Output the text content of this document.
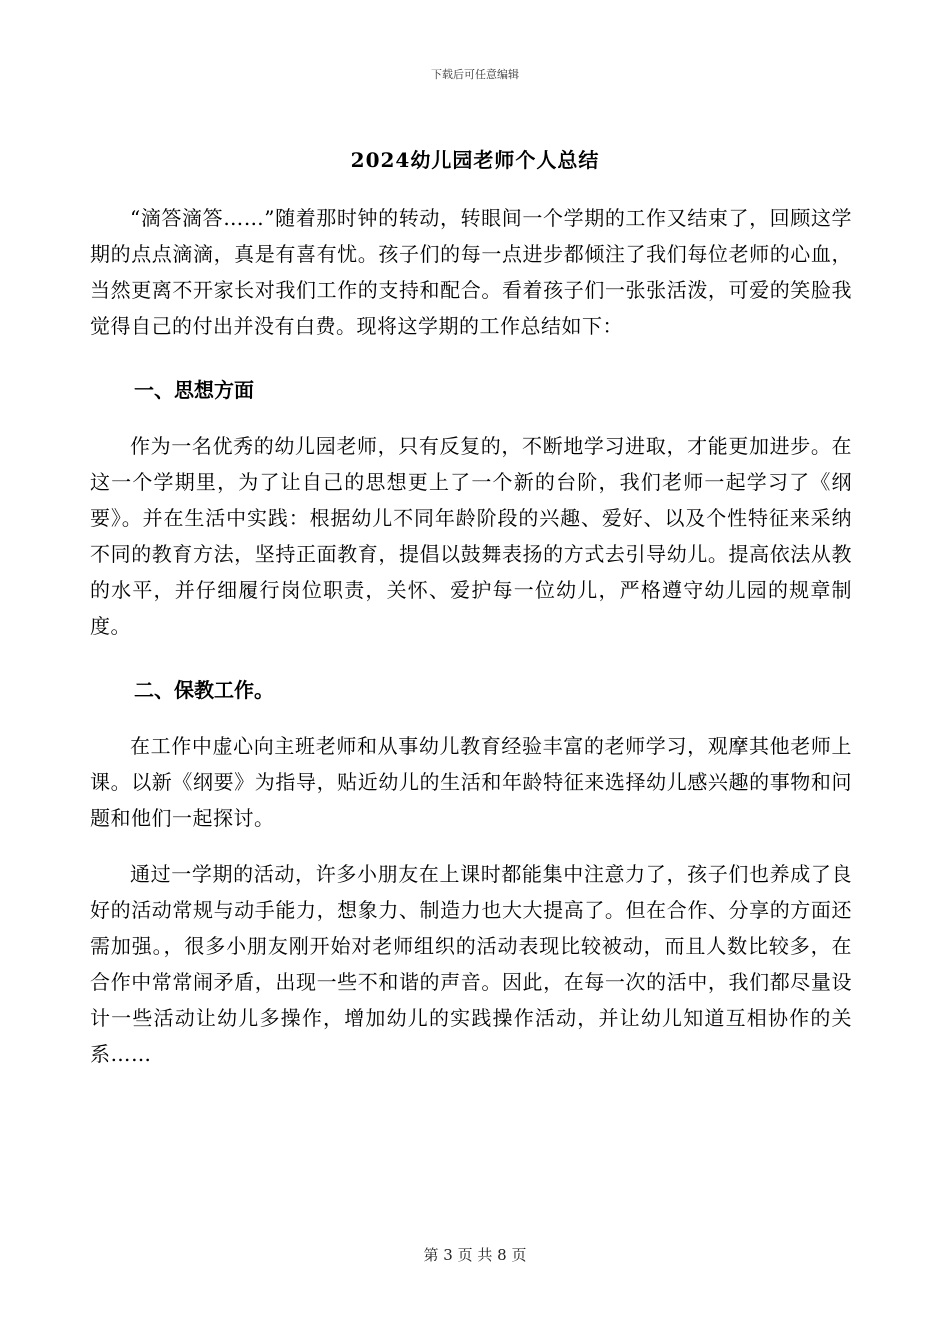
下载后可任意编辑
2024幼儿园老师个人总结

“滴答滴答……”随着那时钟的转动，转眼间一个学期的工作又结束了，回顾这学期的点点滴滴，真是有喜有忧。孩子们的每一点进步都倾注了我们每位老师的心血，当然更离不开家长对我们工作的支持和配合。看着孩子们一张张活泼，可爱的笑脸我觉得自己的付出并没有白费。现将这学期的工作总结如下：

一、思想方面

作为一名优秀的幼儿园老师，只有反复的，不断地学习进取，才能更加进步。在这一个学期里，为了让自己的思想更上了一个新的台阶，我们老师一起学习了《纲要》。并在生活中实践：根据幼儿不同年龄阶段的兴趣、爱好、以及个性特征来采纳不同的教育方法，坚持正面教育，提倡以鼓舞表扬的方式去引导幼儿。提高依法从教的水平，并仔细履行岗位职责，关怀、爱护每一位幼儿，严格遵守幼儿园的规章制度。

二、保教工作。

在工作中虚心向主班老师和从事幼儿教育经验丰富的老师学习，观摩其他老师上课。以新《纲要》为指导，贴近幼儿的生活和年龄特征来选择幼儿感兴趣的事物和问题和他们一起探讨。

通过一学期的活动，许多小朋友在上课时都能集中注意力了，孩子们也养成了良好的活动常规与动手能力，想象力、制造力也大大提高了。但在合作、分享的方面还需加强。，很多小朋友刚开始对老师组织的活动表现比较被动，而且人数比较多，在合作中常常闹矛盾，出现一些不和谐的声音。因此，在每一次的活中，我们都尽量设计一些活动让幼儿多操作，增加幼儿的实践操作活动，并让幼儿知道互相协作的关系……

第 3 页 共 8 页
